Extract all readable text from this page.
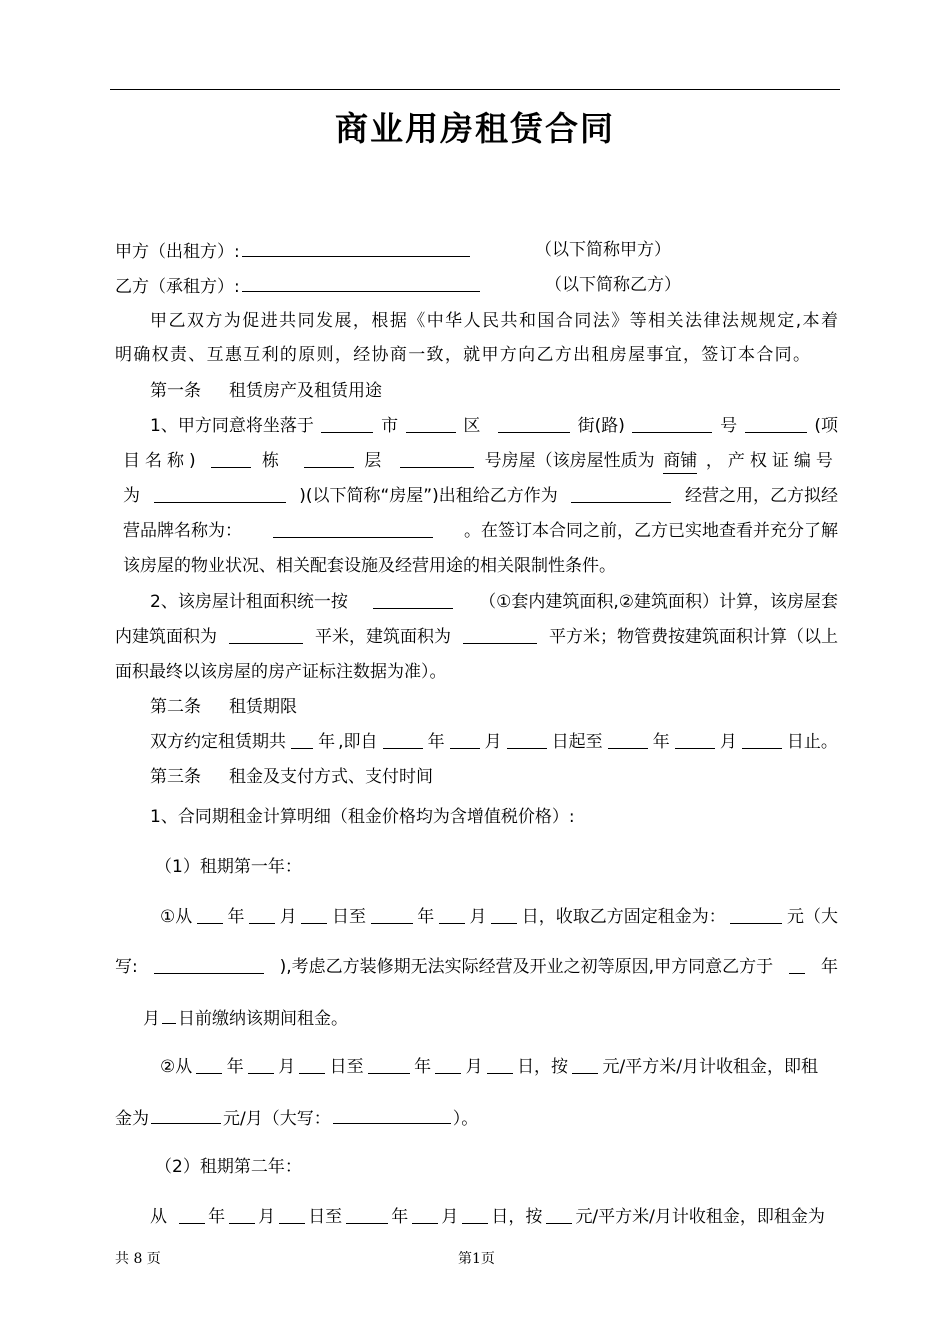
商业用房租赁合同
甲方（出租方）:	（以下简称甲方）
乙方（承租方）:	（以下简称乙方）
甲乙双方为促进共同发展，根据《中华人民共和国合同法》等相关法律法规规定,本着
明确权责、互惠互利的原则，经协商一致，就甲方向乙方出租房屋事宜，签订本合同。
第一条 租赁房产及租赁用途
1、甲方同意将坐落于	市	区	街(路)	号	(项
目名称)	栋	层	号房屋（该房屋性质为 商铺 ，产权证编号
为	)(以下简称“房屋”)出租给乙方作为	经营之用，乙方拟经
营品牌名称为：	。在签订本合同之前，乙方已实地查看并充分了解
该房屋的物业状况、相关配套设施及经营用途的相关限制性条件。
2、该房屋计租面积统一按	（①套内建筑面积,②建筑面积）计算，该房屋套
内建筑面积为	平米，建筑面积为	平方米；物管费按建筑面积计算（以上
面积最终以该房屋的房产证标注数据为准）。
第二条 租赁期限
双方约定租赁期共 年 ,即自	年 月	日起至	年	月	日止。
第三条 租金及支付方式、支付时间
1、合同期租金计算明细（租金价格均为含增值税价格）:
（1）租期第一年：
①从 年 月 日至	年 月 日，收取乙方固定租金为：	元（大
写:	),考虑乙方装修期无法实际经营及开业之初等原因,甲方同意乙方于	年
月 日前缴纳该期间租金。
②从 年 月 日至	年 月 日，按 元/平方米/月计收租金，即租
金为	元/月（大写：	）。
（2）租期第二年：
从 年 月 日至	年 月 日，按 元/平方米/月计收租金，即租金为
共 8 页	第1页
